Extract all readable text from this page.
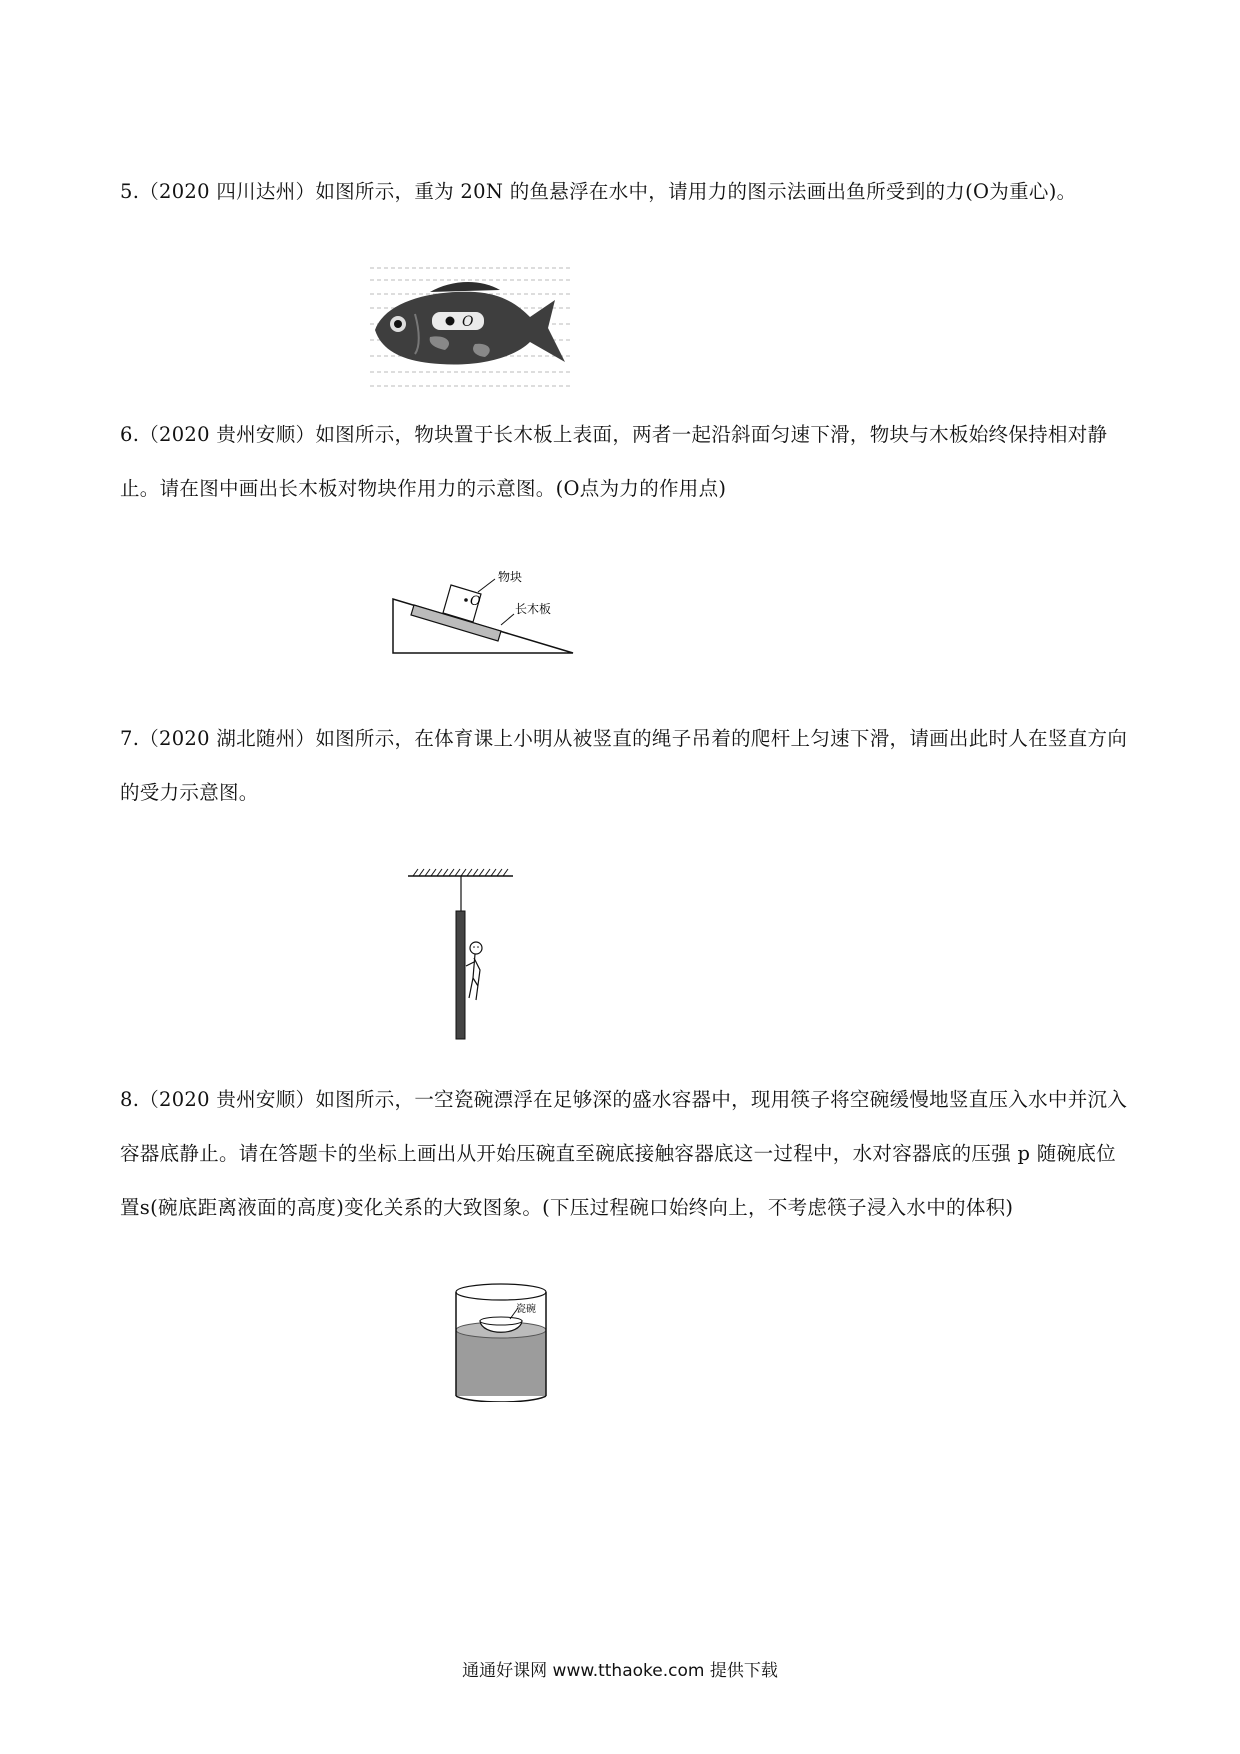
5.（2020 四川达州）如图所示，重为 20N 的鱼悬浮在水中，请用力的图示法画出鱼所受到的力(O为重心)。
O
6.（2020 贵州安顺）如图所示，物块置于长木板上表面，两者一起沿斜面匀速下滑，物块与木板始终保持相对静止。请在图中画出长木板对物块作用力的示意图。(O点为力的作用点)
O
物块
长木板
7.（2020 湖北随州）如图所示，在体育课上小明从被竖直的绳子吊着的爬杆上匀速下滑，请画出此时人在竖直方向的受力示意图。
8.（2020 贵州安顺）如图所示，一空瓷碗漂浮在足够深的盛水容器中，现用筷子将空碗缓慢地竖直压入水中并沉入容器底静止。请在答题卡的坐标上画出从开始压碗直至碗底接触容器底这一过程中，水对容器底的压强 p 随碗底位置s(碗底距离液面的高度)变化关系的大致图象。(下压过程碗口始终向上，不考虑筷子浸入水中的体积)
瓷碗
通通好课网 www.tthaoke.com 提供下载
